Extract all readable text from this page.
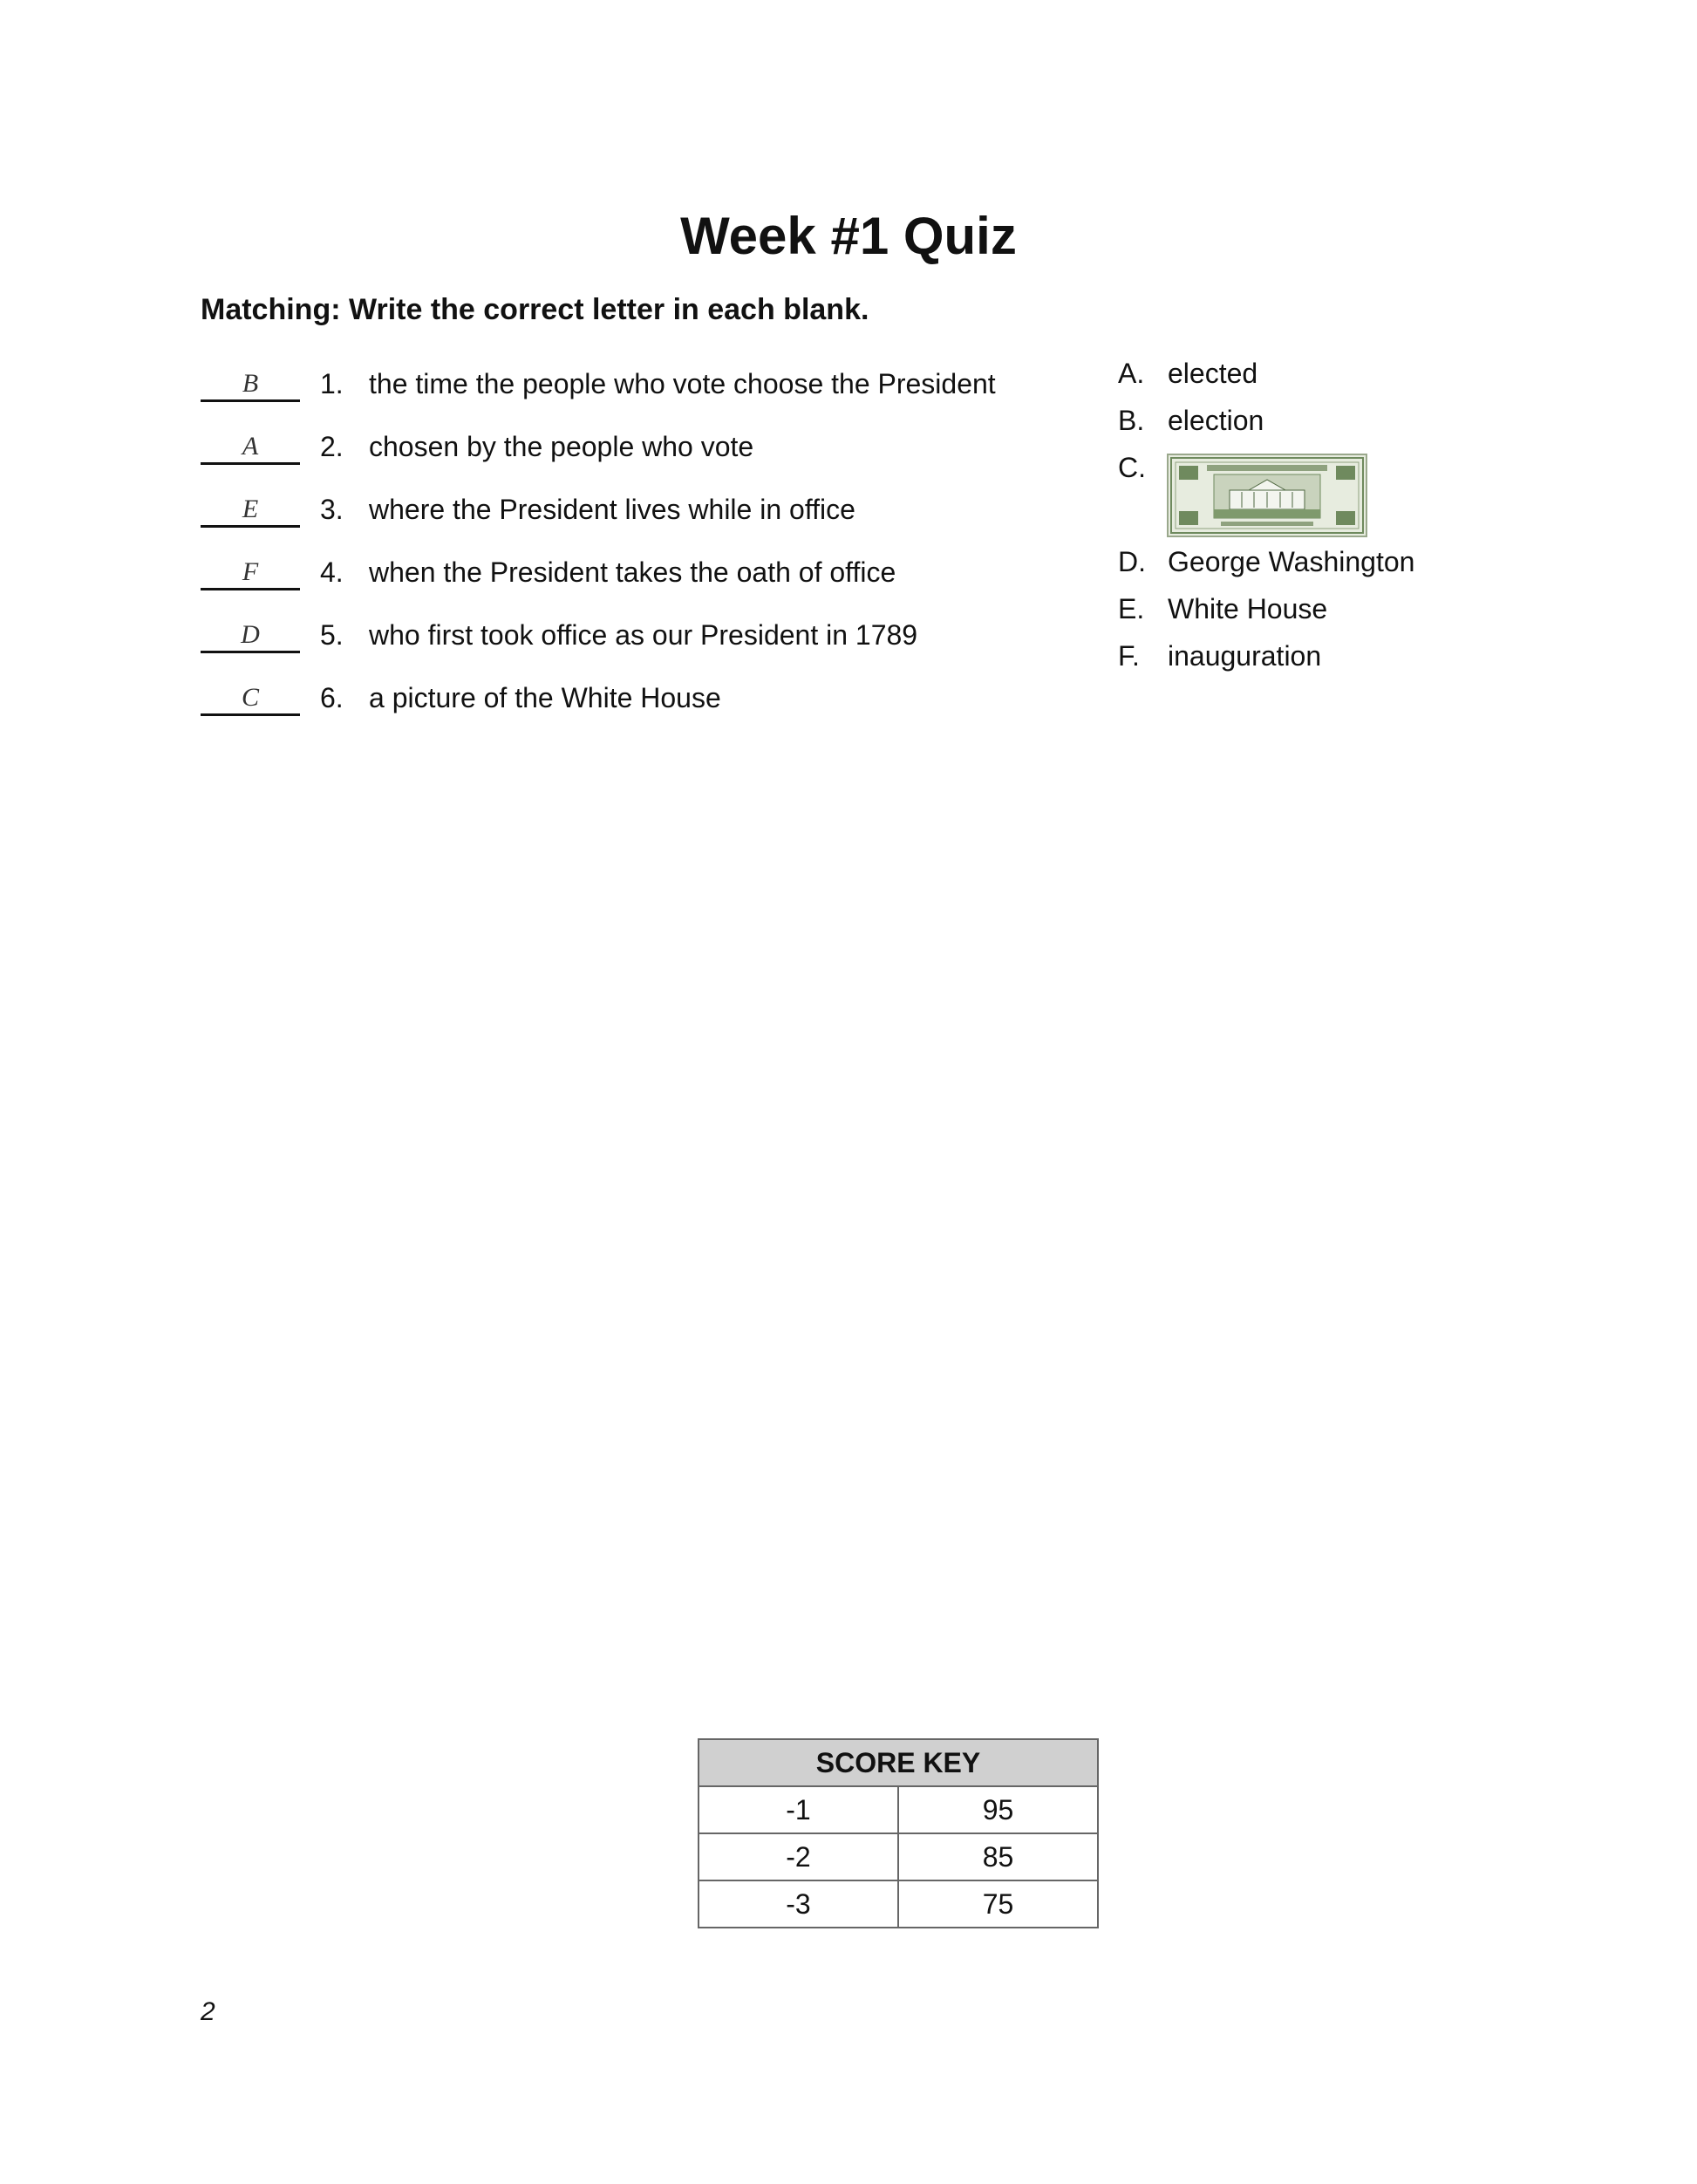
Week #1 Quiz

Matching: Write the correct letter in each blank.

B	1. the time the people who vote choose the President
A	2. chosen by the people who vote
E	3. where the President lives while in office
F	4. when the President takes the oath of office
D	5. who first took office as our President in 1789
C	6. a picture of the White House
A. elected
B. election
C.
D. George Washington
E. White House
F. inauguration
SCORE KEY	
-1	95
-2	85
-3	75
2
